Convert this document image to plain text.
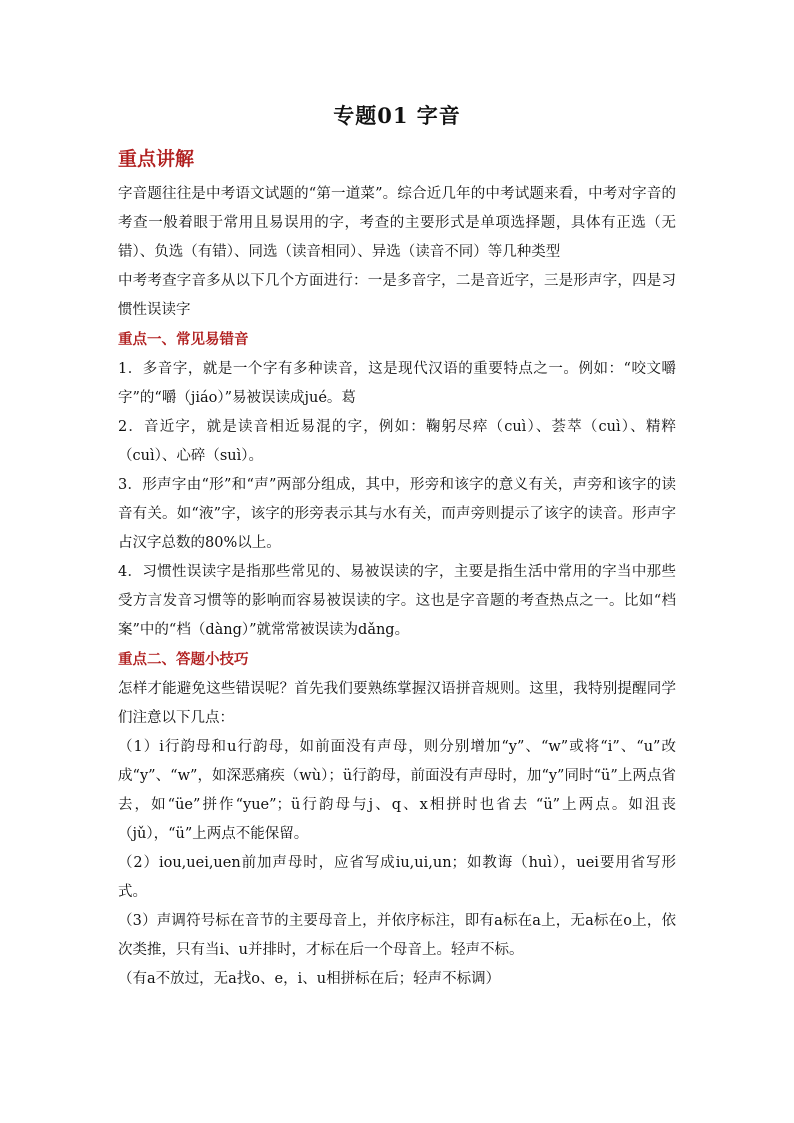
专题01 字音
重点讲解

字音题往往是中考语文试题的“第一道菜”。综合近几年的中考试题来看，中考对字音的考查一般着眼于常用且易误用的字，考查的主要形式是单项选择题，具体有正选（无错）、负选（有错）、同选（读音相同）、异选（读音不同）等几种类型

中考考查字音多从以下几个方面进行：一是多音字，二是音近字，三是形声字，四是习惯性误读字

重点一、常见易错音

1．多音字，就是一个字有多种读音，这是现代汉语的重要特点之一。例如：“咬文嚼字”的“嚼（jiáo）”易被误读成jué。葛

2．音近字，就是读音相近易混的字，例如：鞠躬尽瘁（cuì）、荟萃（cuì）、精粹（cuì）、心碎（suì）。

3．形声字由“形”和“声”两部分组成，其中，形旁和该字的意义有关，声旁和该字的读音有关。如“液”字，该字的形旁表示其与水有关，而声旁则提示了该字的读音。形声字占汉字总数的80%以上。

4．习惯性误读字是指那些常见的、易被误读的字，主要是指生活中常用的字当中那些受方言发音习惯等的影响而容易被误读的字。这也是字音题的考查热点之一。比如“档案”中的“档（dàng）”就常常被误读为dǎng。

重点二、答题小技巧

怎样才能避免这些错误呢？首先我们要熟练掌握汉语拼音规则。这里，我特别提醒同学们注意以下几点：

（1）i行韵母和u行韵母，如前面没有声母，则分别增加“y”、“w”或将“i”、“u”改成“y”、“w”，如深恶痛疾（wù）；ü行韵母，前面没有声母时，加“y”同时“ü”上两点省去，如“üe”拼作“yue”；ü行韵母与j、q、x相拼时也省去 “ü”上两点。如沮丧（jǔ），“ü”上两点不能保留。

（2）iou,uei,uen前加声母时，应省写成iu,ui,un；如教诲（huì），uei要用省写形式。

（3）声调符号标在音节的主要母音上，并依序标注，即有a标在a上，无a标在o上，依次类推，只有当i、u并排时，才标在后一个母音上。轻声不标。

（有a不放过，无a找o、e，i、u相拼标在后；轻声不标调）
